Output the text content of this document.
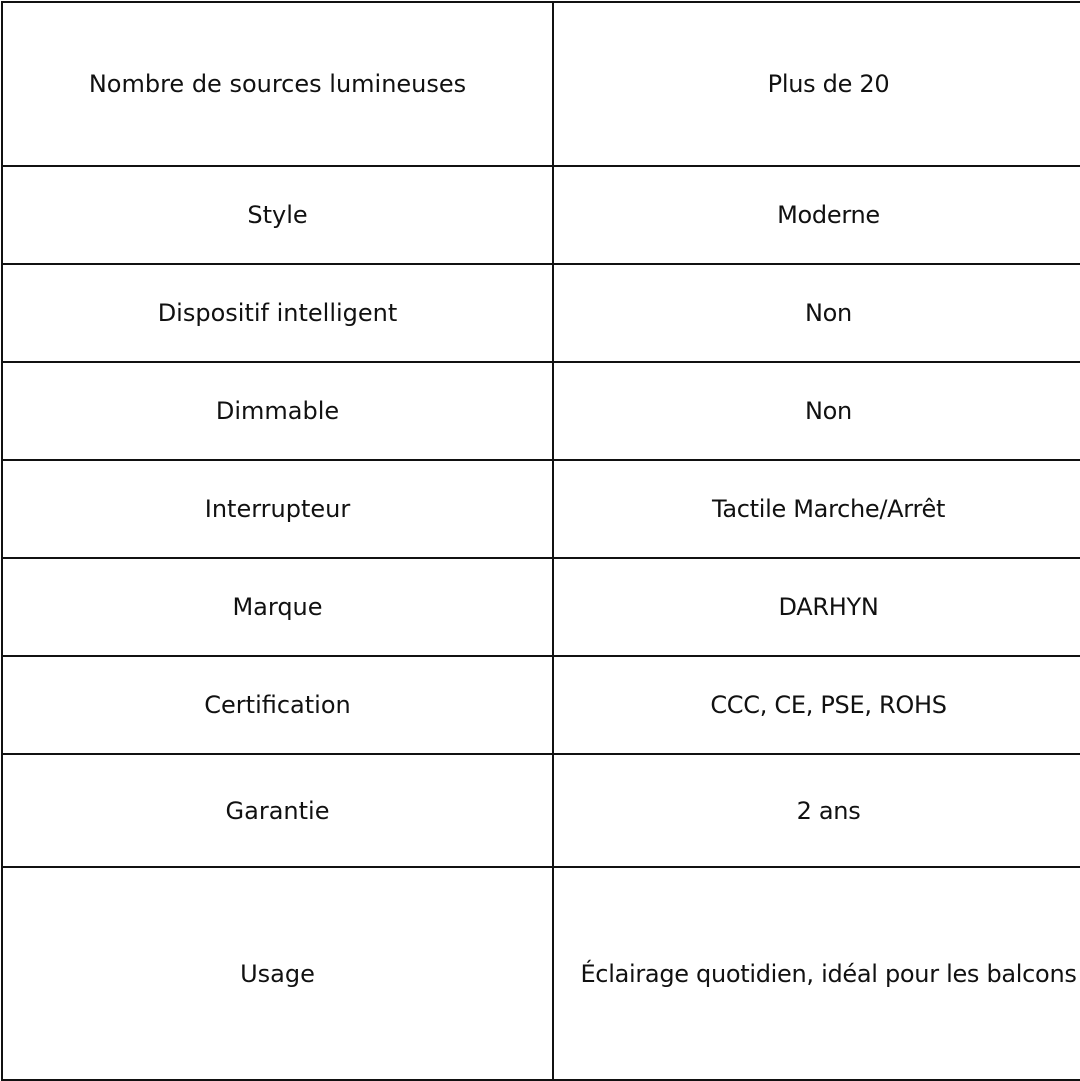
Nombre de sources lumineuses	Plus de 20
Style	Moderne
Dispositif intelligent	Non
Dimmable	Non
Interrupteur	Tactile Marche/Arrêt
Marque	DARHYN
Certification	CCC, CE, PSE, ROHS
Garantie	2 ans
Usage	Éclairage quotidien, idéal pour les balcons
